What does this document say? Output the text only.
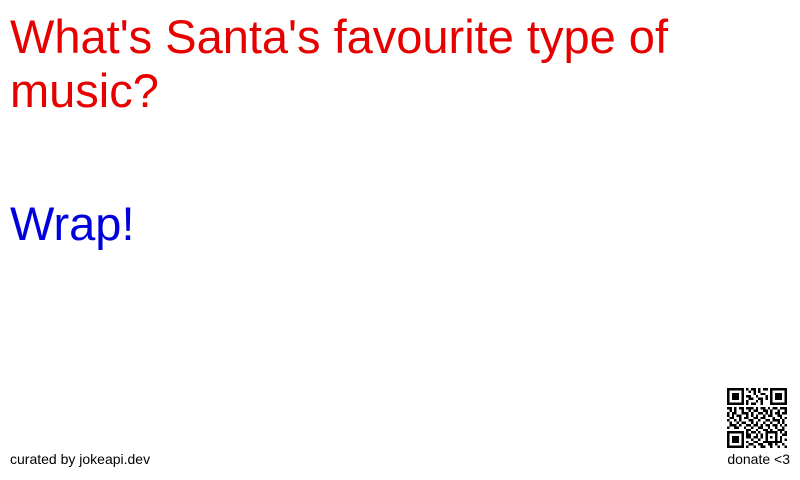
What's Santa's favourite type of music?
Wrap!
curated by jokeapi.dev	donate <3
